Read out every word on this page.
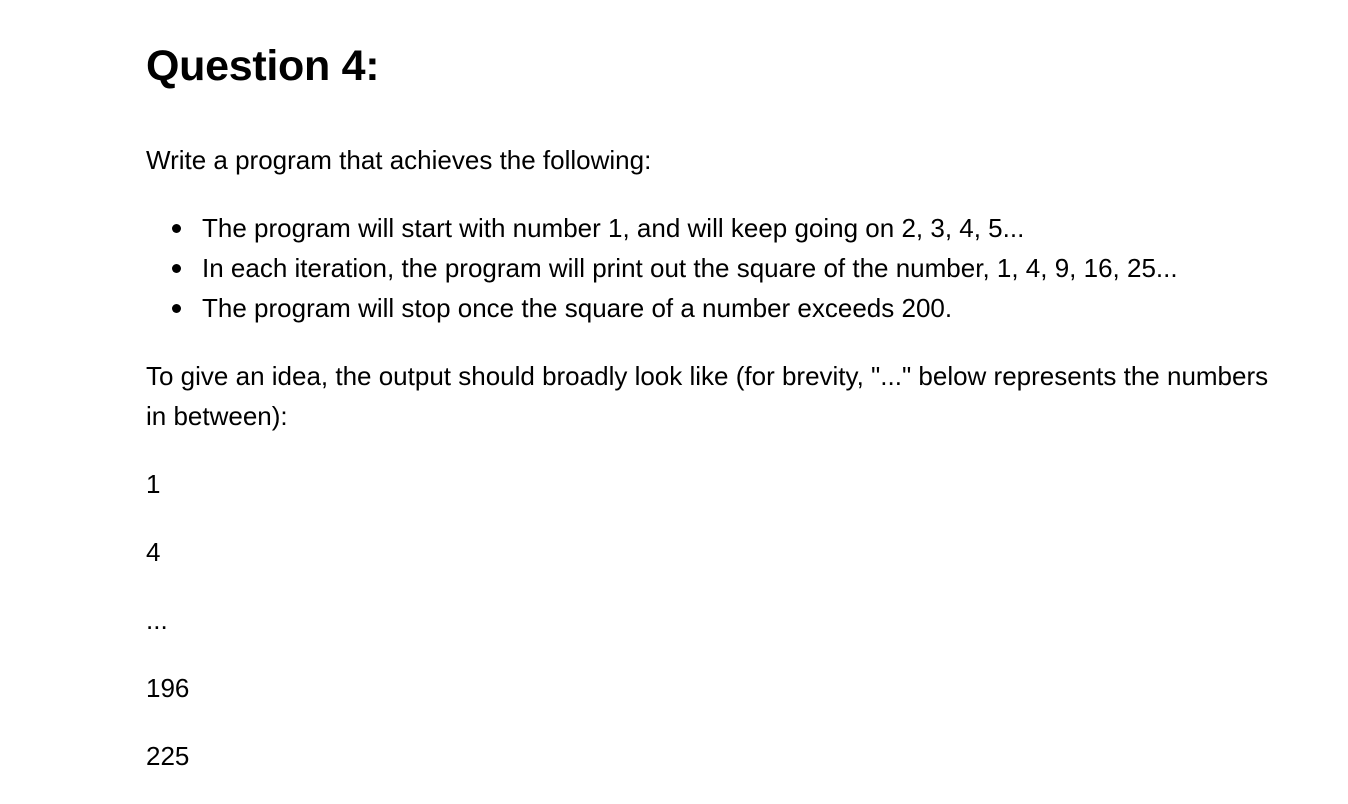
Question 4:

Write a program that achieves the following:

The program will start with number 1, and will keep going on 2, 3, 4, 5...
In each iteration, the program will print out the square of the number, 1, 4, 9, 16, 25...
The program will stop once the square of a number exceeds 200.

To give an idea, the output should broadly look like (for brevity, "..." below represents the numbers in between):

1

4

...

196

225
